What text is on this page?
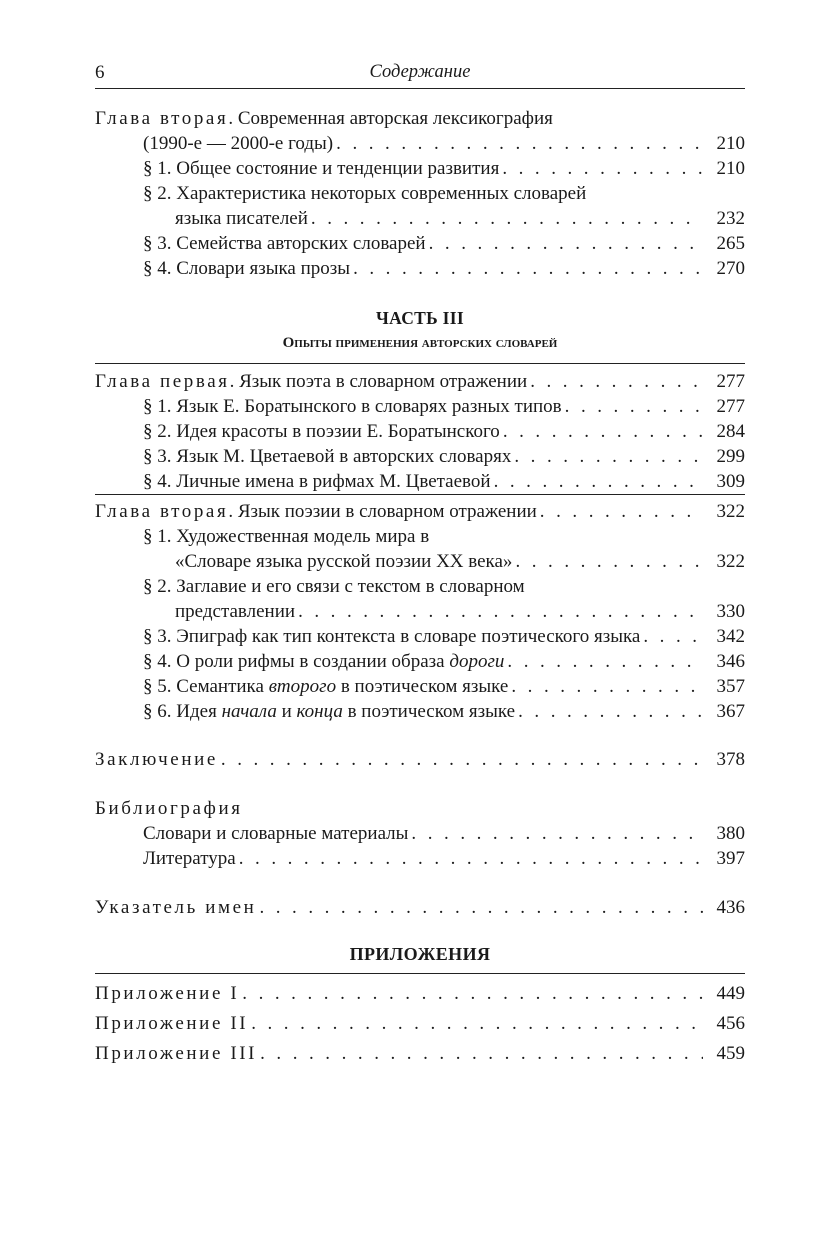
6	Содержание
Глава вторая. Современная авторская лексикография
(1990-е — 2000-е годы) . . .	210
§ 1. Общее состояние и тенденции развития . . .	210
§ 2. Характеристика некоторых современных словарей
языка писателей . . .	232
§ 3. Семейства авторских словарей . . .	265
§ 4. Словари языка прозы . . .	270
ЧАСТЬ III
Опыты применения авторских словарей
Глава первая. Язык поэта в словарном отражении . . .	277
§ 1. Язык Е. Боратынского в словарях разных типов . . .	277
§ 2. Идея красоты в поэзии Е. Боратынского . . .	284
§ 3. Язык М. Цветаевой в авторских словарях . . .	299
§ 4. Личные имена в рифмах М. Цветаевой . . .	309
Глава вторая. Язык поэзии в словарном отражении . . .	322
§ 1. Художественная модель мира в
«Словаре языка русской поэзии XX века» . . .	322
§ 2. Заглавие и его связи с текстом в словарном
представлении . . .	330
§ 3. Эпиграф как тип контекста в словаре поэтического языка . . .	342
§ 4. О роли рифмы в создании образа дороги . . .	346
§ 5. Семантика второго в поэтическом языке . . .	357
§ 6. Идея начала и конца в поэтическом языке . . .	367
Заключение . . .	378
Библиография
Словари и словарные материалы . . .	380
Литература . . .	397
Указатель имен . . .	436
ПРИЛОЖЕНИЯ
Приложение I . . .	449
Приложение II . . .	456
Приложение III . . .	459
